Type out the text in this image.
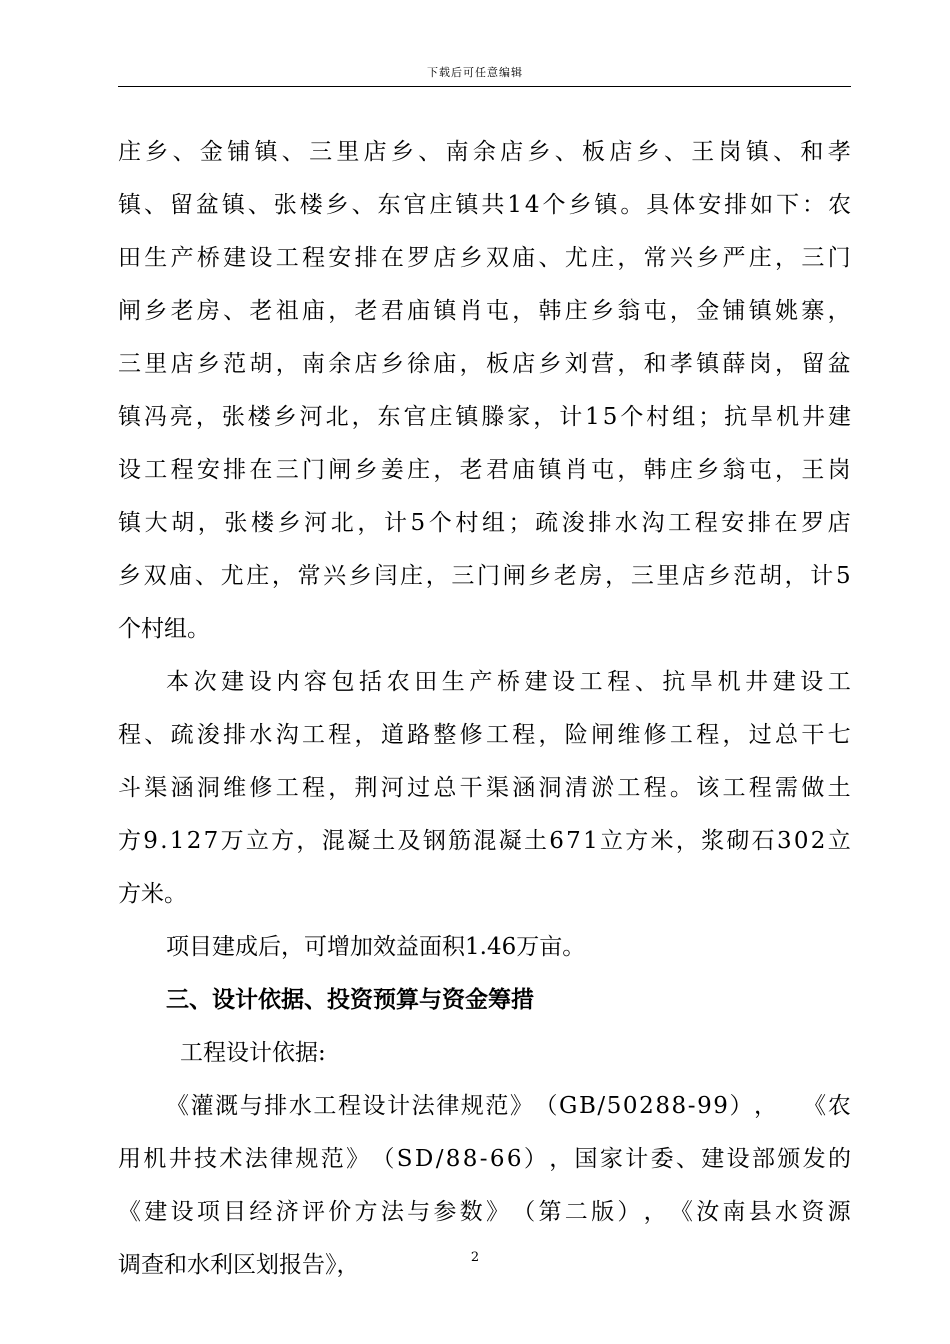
下载后可任意编辑
庄 乡 、 金 铺 镇 、 三 里 店 乡 、 南 余 店 乡 、 板 店 乡 、 王 岗 镇 、 和 孝
镇 、 留 盆 镇 、 张 楼 乡 、 东 官 庄 镇 共 1 4 个 乡 镇 。 具 体 安 排 如 下 ： 农
田 生 产 桥 建 设 工 程 安 排 在 罗 店 乡 双 庙 、 尤 庄 ， 常 兴 乡 严 庄 ， 三 门
闸 乡 老 房 、 老 祖 庙 ， 老 君 庙 镇 肖 屯 ， 韩 庄 乡 翁 屯 ， 金 铺 镇 姚 寨 ，
三 里 店 乡 范 胡 ， 南 余 店 乡 徐 庙 ， 板 店 乡 刘 营 ， 和 孝 镇 薛 岗 ， 留 盆
镇 冯 亮 ， 张 楼 乡 河 北 ， 东 官 庄 镇 滕 家 ， 计 1 5 个 村 组 ； 抗 旱 机 井 建
设 工 程 安 排 在 三 门 闸 乡 姜 庄 ， 老 君 庙 镇 肖 屯 ， 韩 庄 乡 翁 屯 ， 王 岗
镇 大 胡 ， 张 楼 乡 河 北 ， 计 5 个 村 组 ； 疏 浚 排 水 沟 工 程 安 排 在 罗 店
乡 双 庙 、 尤 庄 ， 常 兴 乡 闫 庄 ， 三 门 闸 乡 老 房 ， 三 里 店 乡 范 胡 ， 计 5
个村组。
本 次 建 设 内 容 包 括 农 田 生 产 桥 建 设 工 程 、 抗 旱 机 井 建 设 工
程 、 疏 浚 排 水 沟 工 程 ， 道 路 整 修 工 程 ， 险 闸 维 修 工 程 ， 过 总 干 七
斗 渠 涵 洞 维 修 工 程 ， 荆 河 过 总 干 渠 涵 洞 清 淤 工 程 。 该 工 程 需 做 土
方 9 . 1 2 7 万 立 方 ， 混 凝 土 及 钢 筋 混 凝 土 6 7 1 立 方 米 ， 浆 砌 石 3 0 2 立
方米。
项目建成后，可增加效益面积1.46万亩。
三、设计依据、投资预算与资金筹措
工程设计依据:
《 灌 溉 与 排 水 工 程 设 计 法 律 规 范 》 （ G B / 5 0 2 8 8 - 9 9 ） ，
　 《 农
用 机 井 技 术 法 律 规 范 》 （ S D / 8 8 - 6 6 ） ， 国 家 计 委 、 建 设 部 颁 发 的
《 建 设 项 目 经 济 评 价 方 法 与 参 数 》 （ 第 二 版 ） ， 《 汝 南 县 水 资 源
调查和水利区划报告》，	2
